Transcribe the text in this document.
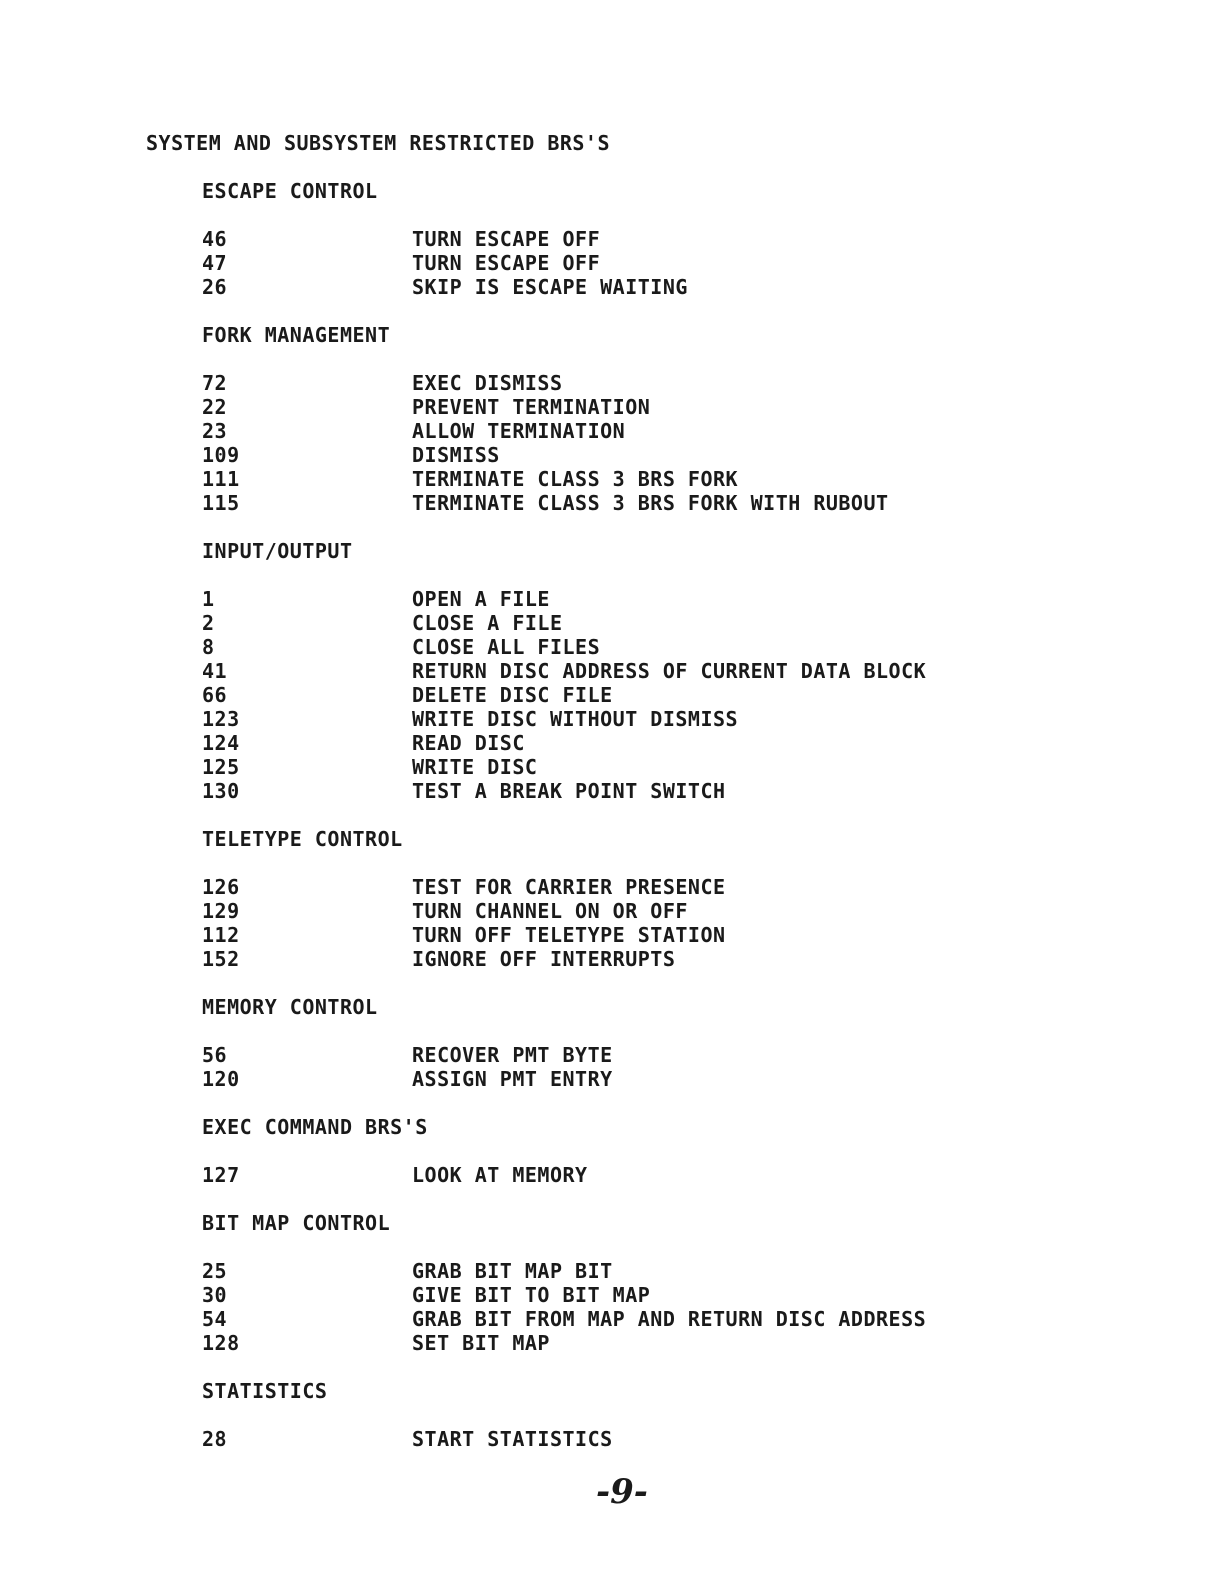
SYSTEM AND SUBSYSTEM RESTRICTED BRS'S
ESCAPE CONTROL
46	TURN ESCAPE OFF
47	TURN ESCAPE OFF
26	SKIP IS ESCAPE WAITING
FORK MANAGEMENT
72	EXEC DISMISS
22	PREVENT TERMINATION
23	ALLOW TERMINATION
109	DISMISS
111	TERMINATE CLASS 3 BRS FORK
115	TERMINATE CLASS 3 BRS FORK WITH RUBOUT
INPUT/OUTPUT
1	OPEN A FILE
2	CLOSE A FILE
8	CLOSE ALL FILES
41	RETURN DISC ADDRESS OF CURRENT DATA BLOCK
66	DELETE DISC FILE
123	WRITE DISC WITHOUT DISMISS
124	READ DISC
125	WRITE DISC
130	TEST A BREAK POINT SWITCH
TELETYPE CONTROL
126	TEST FOR CARRIER PRESENCE
129	TURN CHANNEL ON OR OFF
112	TURN OFF TELETYPE STATION
152	IGNORE OFF INTERRUPTS
MEMORY CONTROL
56	RECOVER PMT BYTE
120	ASSIGN PMT ENTRY
EXEC COMMAND BRS'S
127	LOOK AT MEMORY
BIT MAP CONTROL
25	GRAB BIT MAP BIT
30	GIVE BIT TO BIT MAP
54	GRAB BIT FROM MAP AND RETURN DISC ADDRESS
128	SET BIT MAP
STATISTICS
28	START STATISTICS
-9-
